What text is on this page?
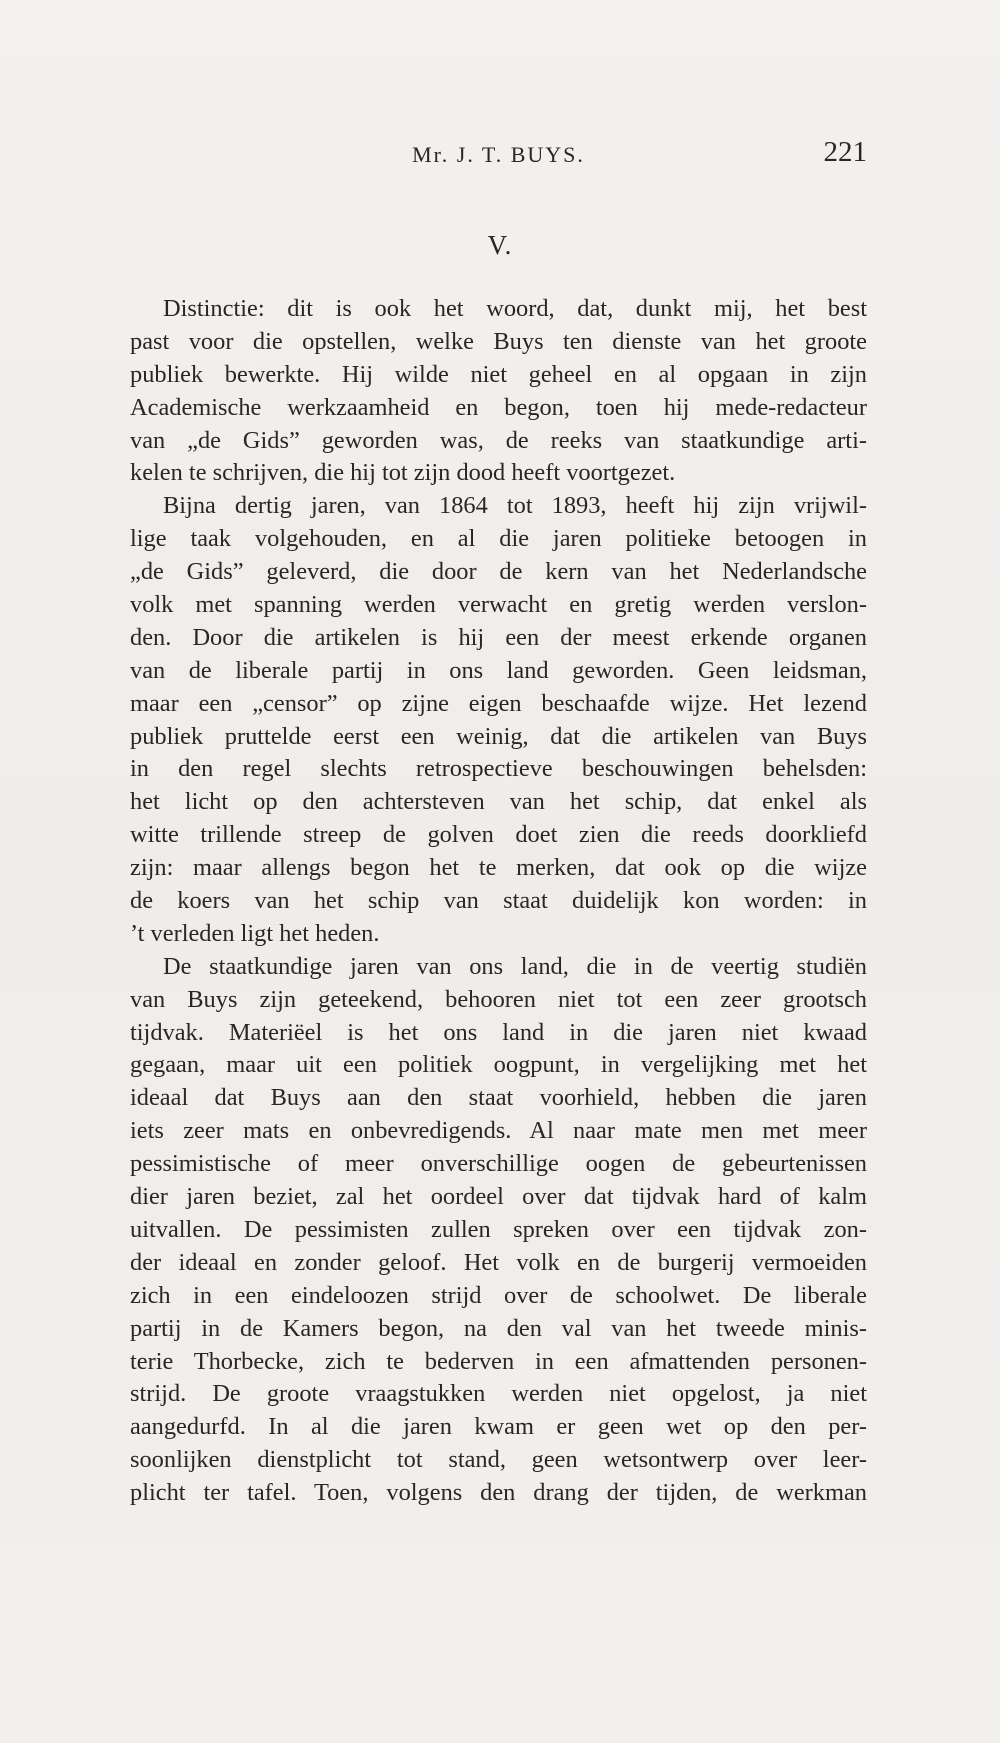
Mr. J. T. BUYS.	221
V.
Distinctie: dit is ook het woord, dat, dunkt mij, het best
past voor die opstellen, welke Buys ten dienste van het groote
publiek bewerkte. Hij wilde niet geheel en al opgaan in zijn
Academische werkzaamheid en begon, toen hij mede-redacteur
van „de Gids” geworden was, de reeks van staatkundige arti-
kelen te schrijven, die hij tot zijn dood heeft voortgezet.
Bijna dertig jaren, van 1864 tot 1893, heeft hij zijn vrijwil-
lige taak volgehouden, en al die jaren politieke betoogen in
„de Gids” geleverd, die door de kern van het Nederlandsche
volk met spanning werden verwacht en gretig werden verslon-
den. Door die artikelen is hij een der meest erkende organen
van de liberale partij in ons land geworden. Geen leidsman,
maar een „censor” op zijne eigen beschaafde wijze. Het lezend
publiek pruttelde eerst een weinig, dat die artikelen van Buys
in den regel slechts retrospectieve beschouwingen behelsden:
het licht op den achtersteven van het schip, dat enkel als
witte trillende streep de golven doet zien die reeds doorkliefd
zijn: maar allengs begon het te merken, dat ook op die wijze
de koers van het schip van staat duidelijk kon worden: in
’t verleden ligt het heden.
De staatkundige jaren van ons land, die in de veertig studiën
van Buys zijn geteekend, behooren niet tot een zeer grootsch
tijdvak. Materiëel is het ons land in die jaren niet kwaad
gegaan, maar uit een politiek oogpunt, in vergelijking met het
ideaal dat Buys aan den staat voorhield, hebben die jaren
iets zeer mats en onbevredigends. Al naar mate men met meer
pessimistische of meer onverschillige oogen de gebeurtenissen
dier jaren beziet, zal het oordeel over dat tijdvak hard of kalm
uitvallen. De pessimisten zullen spreken over een tijdvak zon-
der ideaal en zonder geloof. Het volk en de burgerij vermoeiden
zich in een eindeloozen strijd over de schoolwet. De liberale
partij in de Kamers begon, na den val van het tweede minis-
terie Thorbecke, zich te bederven in een afmattenden personen-
strijd. De groote vraagstukken werden niet opgelost, ja niet
aangedurfd. In al die jaren kwam er geen wet op den per-
soonlijken dienstplicht tot stand, geen wetsontwerp over leer-
plicht ter tafel. Toen, volgens den drang der tijden, de werkman
